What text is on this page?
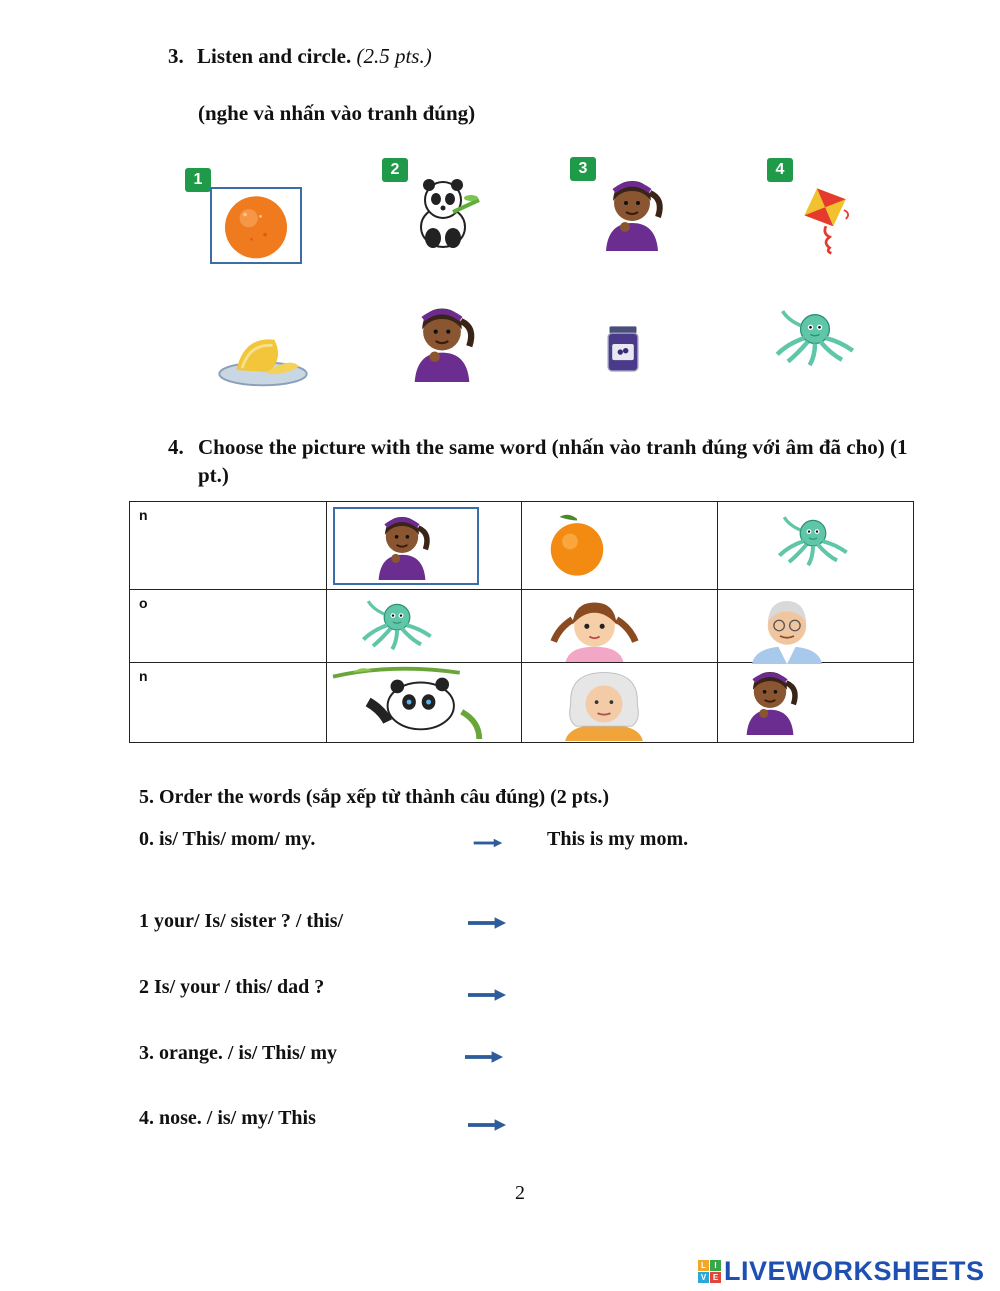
3. Listen and circle. (2.5 pts.)
(nghe và nhấn vào tranh đúng)
1
2	3	4
4. Choose the picture with the same word (nhấn vào tranh đúng với âm đã cho) (1 pt.)
n

o

n

5. Order the words (sắp xếp từ thành câu đúng) (2 pts.)
0. is/ This/ mom/ my.	This is my mom.
1 your/ Is/ sister ? / this/
2 Is/ your / this/ dad ?
3. orange. / is/ This/ my
4. nose. / is/ my/ This
2
L	I
V E LIVEWORKSHEETS
